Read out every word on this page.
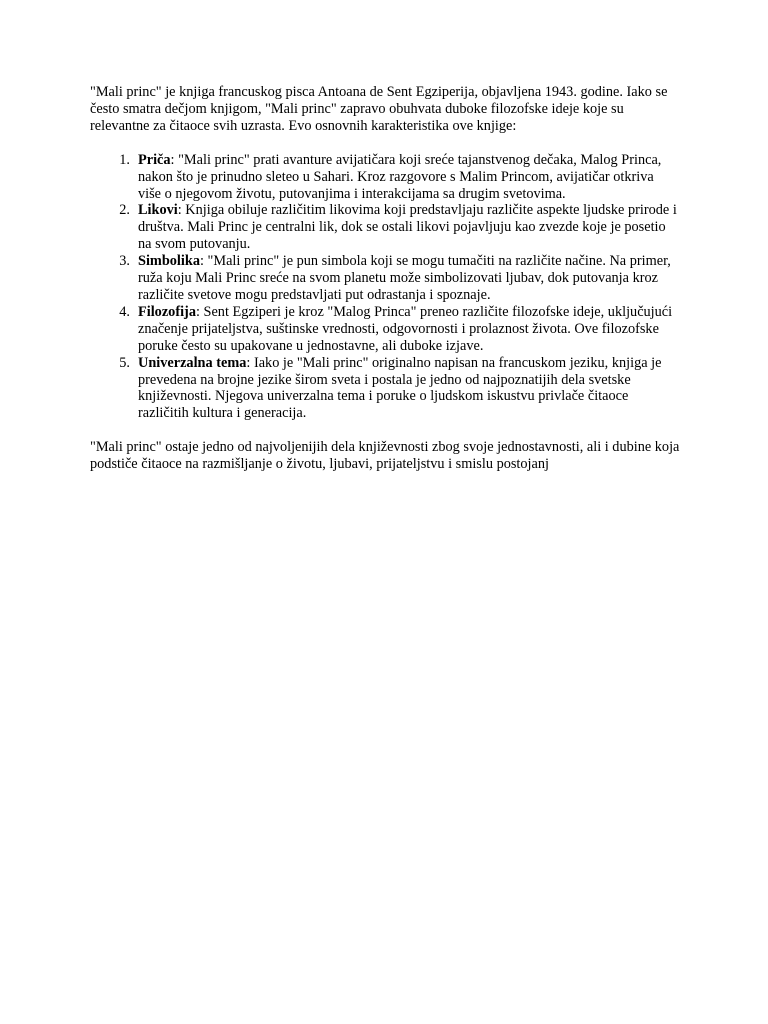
"Mali princ" je knjiga francuskog pisca Antoana de Sent Egziperija, objavljena 1943. godine. Iako se često smatra dečjom knjigom, "Mali princ" zapravo obuhvata duboke filozofske ideje koje su relevantne za čitaoce svih uzrasta. Evo osnovnih karakteristika ove knjige:

1. Priča: "Mali princ" prati avanture avijatičara koji sreće tajanstvenog dečaka, Malog Princa, nakon što je prinudno sleteo u Sahari. Kroz razgovore s Malim Princom, avijatičar otkriva više o njegovom životu, putovanjima i interakcijama sa drugim svetovima.
2. Likovi: Knjiga obiluje različitim likovima koji predstavljaju različite aspekte ljudske prirode i društva. Mali Princ je centralni lik, dok se ostali likovi pojavljuju kao zvezde koje je posetio na svom putovanju.
3. Simbolika: "Mali princ" je pun simbola koji se mogu tumačiti na različite načine. Na primer, ruža koju Mali Princ sreće na svom planetu može simbolizovati ljubav, dok putovanja kroz različite svetove mogu predstavljati put odrastanja i spoznaje.
4. Filozofija: Sent Egziperi je kroz "Malog Princa" preneo različite filozofske ideje, uključujući značenje prijateljstva, suštinske vrednosti, odgovornosti i prolaznost života. Ove filozofske poruke često su upakovane u jednostavne, ali duboke izjave.
5. Univerzalna tema: Iako je "Mali princ" originalno napisan na francuskom jeziku, knjiga je prevedena na brojne jezike širom sveta i postala je jedno od najpoznatijih dela svetske književnosti. Njegova univerzalna tema i poruke o ljudskom iskustvu privlače čitaoce različitih kultura i generacija.

"Mali princ" ostaje jedno od najvoljenijih dela književnosti zbog svoje jednostavnosti, ali i dubine koja podstiče čitaoce na razmišljanje o životu, ljubavi, prijateljstvu i smislu postojanj
